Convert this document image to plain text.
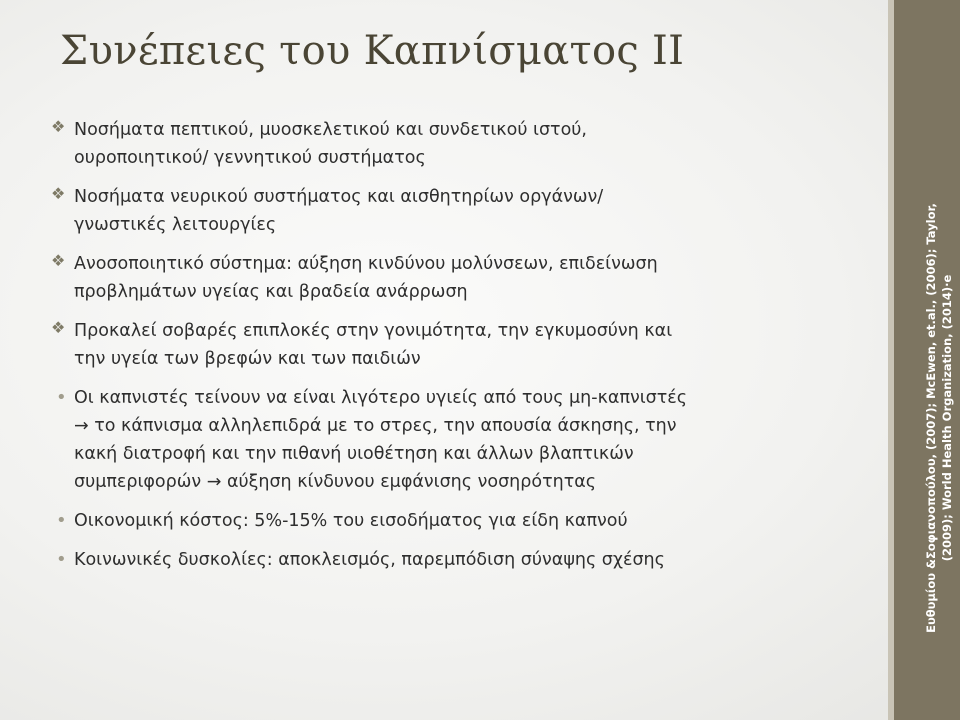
Ευθυμίου &Σοφιανοπούλου, (2007); McEwen, et.al., (2006); Taylor, (2009); World Health Organization, (2014)·e
Συνέπειες του Καπνίσματος ΙΙ
❖ Νοσήματα πεπτικού, μυοσκελετικού και συνδετικού ιστού,
ουροποιητικού/ γεννητικού συστήματος
❖ Νοσήματα νευρικού συστήματος και αισθητηρίων οργάνων/
γνωστικές λειτουργίες
❖ Ανοσοποιητικό σύστημα: αύξηση κινδύνου μολύνσεων, επιδείνωση
προβλημάτων υγείας και βραδεία ανάρρωση
❖ Προκαλεί σοβαρές επιπλοκές στην γονιμότητα, την εγκυμοσύνη και
την υγεία των βρεφών και των παιδιών
• Οι καπνιστές τείνουν να είναι λιγότερο υγιείς από τους μη-καπνιστές
→ το κάπνισμα αλληλεπιδρά με το στρες, την απουσία άσκησης, την
κακή διατροφή και την πιθανή υιοθέτηση και άλλων βλαπτικών
συμπεριφορών → αύξηση κίνδυνου εμφάνισης νοσηρότητας
• Οικονομική κόστος: 5%-15% του εισοδήματος για είδη καπνού
• Κοινωνικές δυσκολίες: αποκλεισμός, παρεμπόδιση σύναψης σχέσης
